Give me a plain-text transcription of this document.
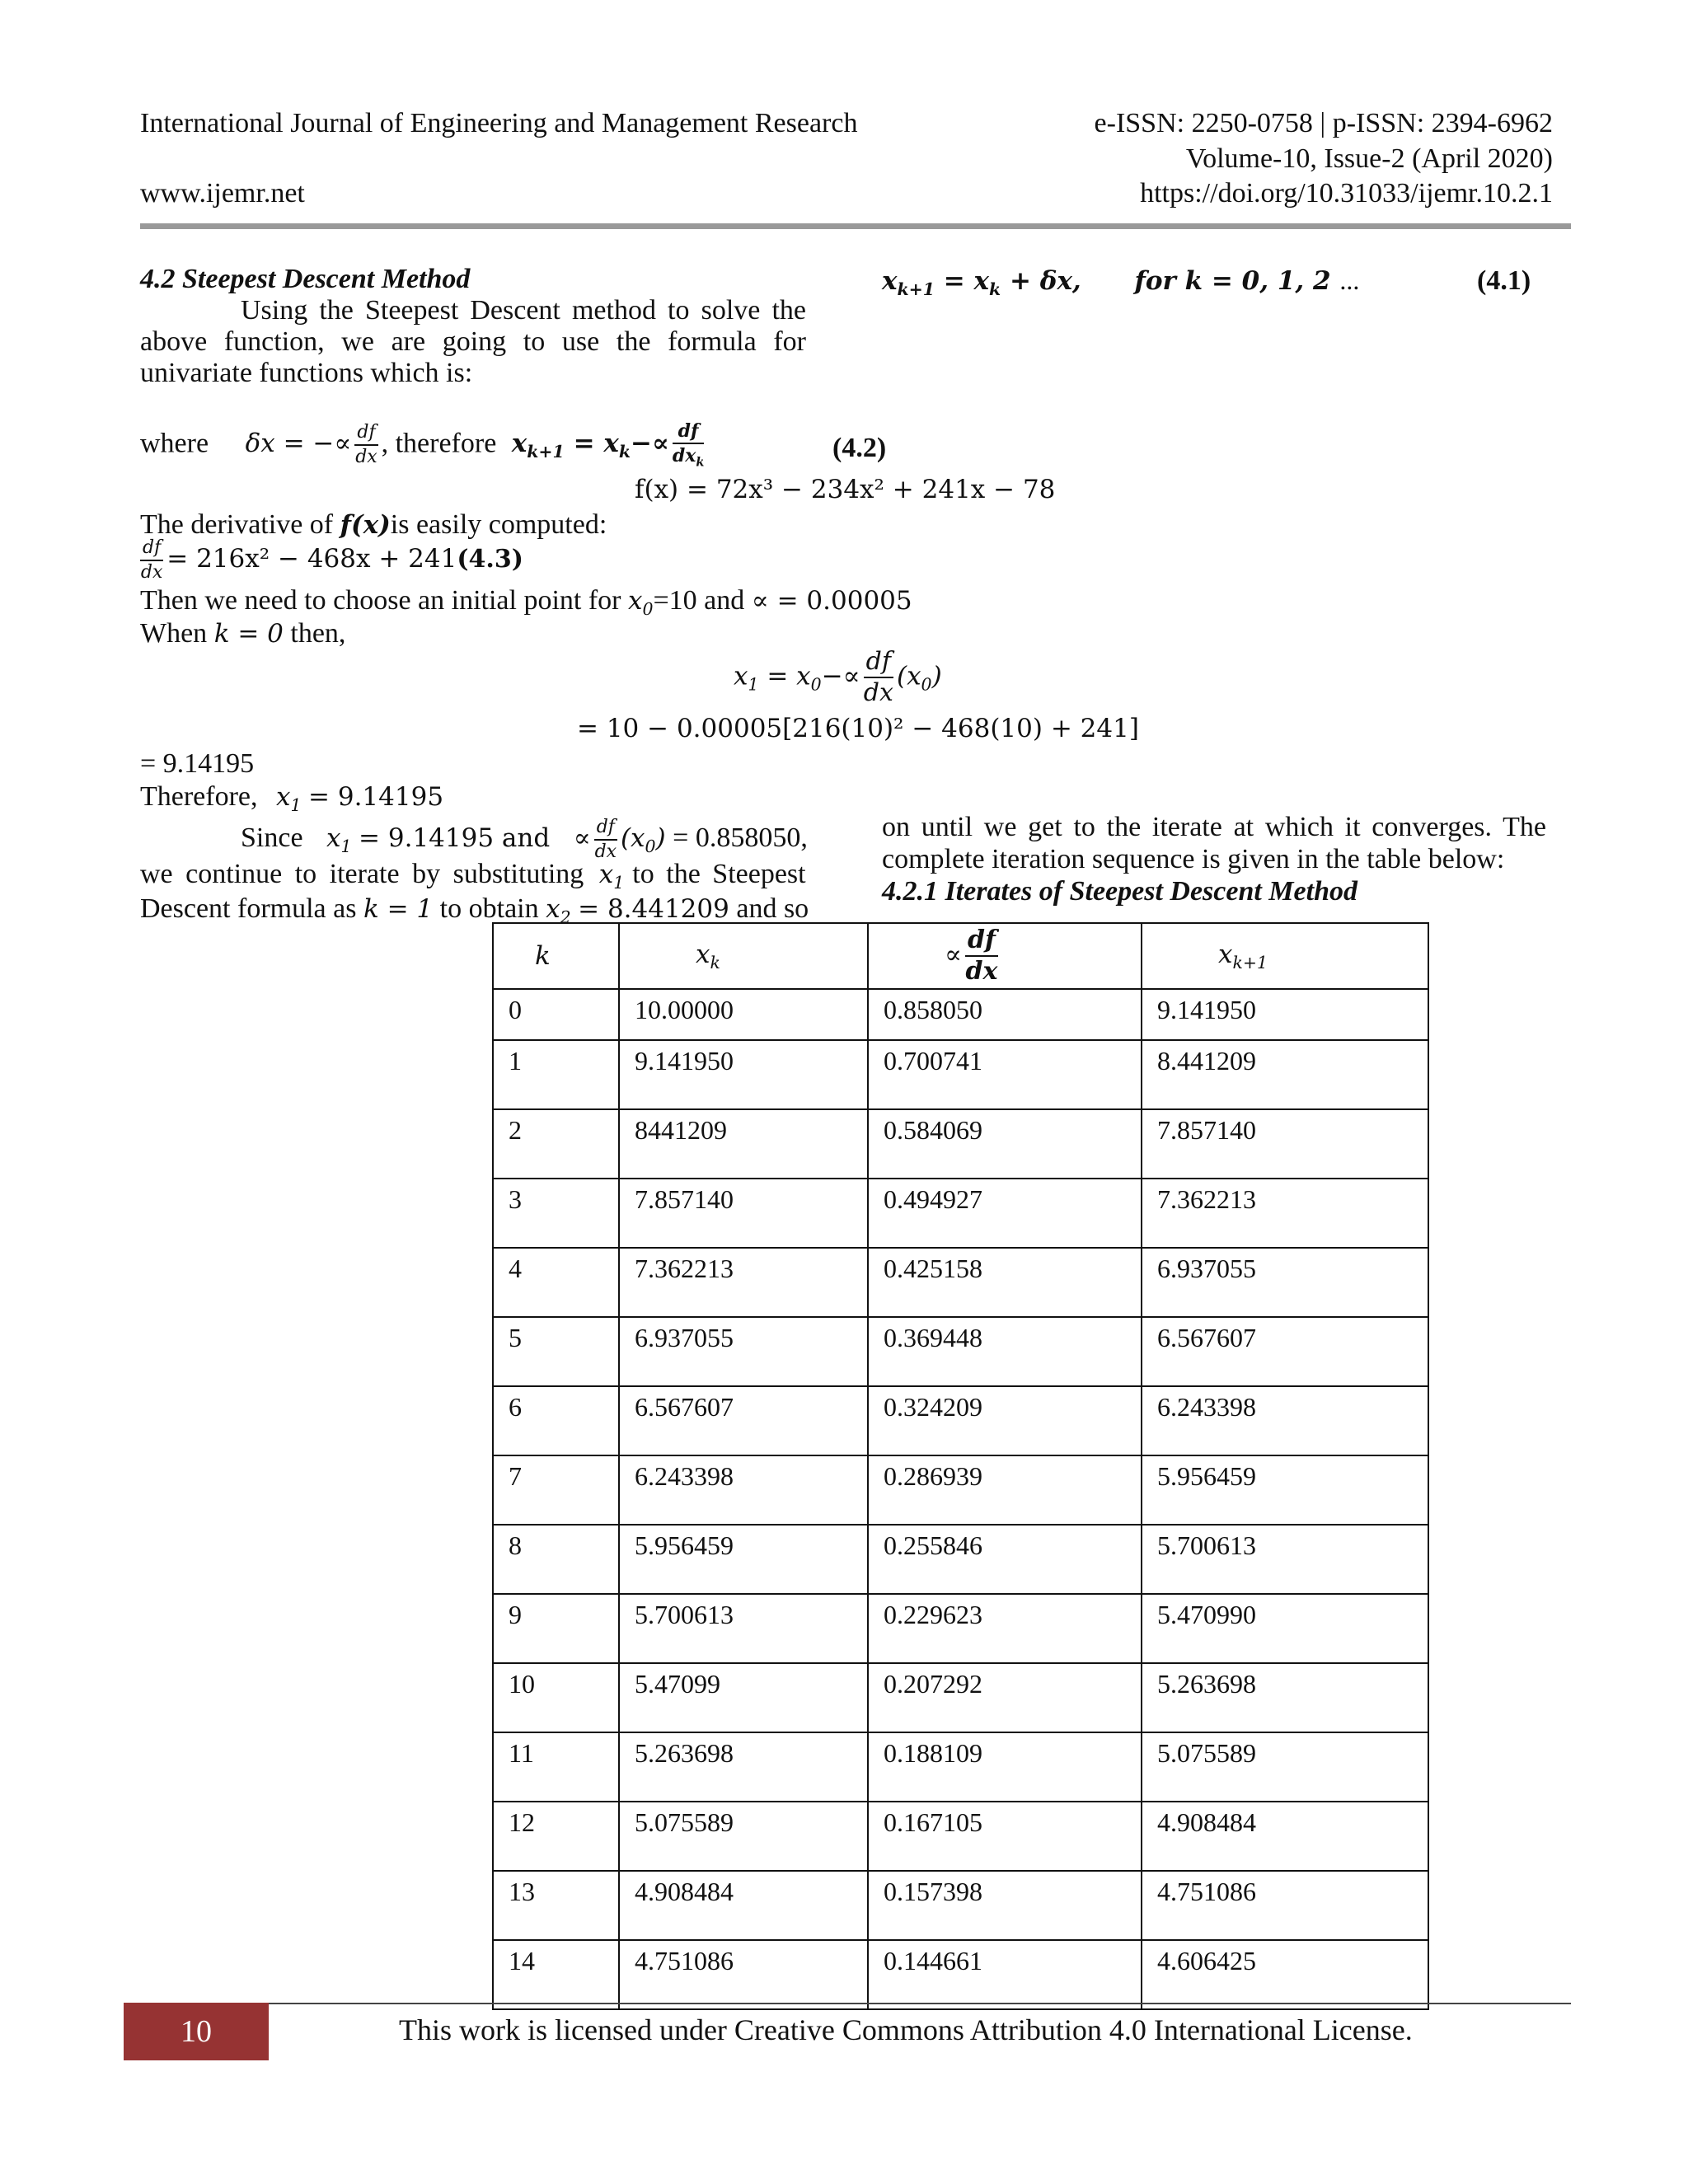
International Journal of Engineering and Management Research	e-ISSN: 2250-0758 | p-ISSN: 2394-6962
Volume-10, Issue-2 (April 2020)
www.ijemr.net	https://doi.org/10.31033/ijemr.10.2.1
4.2 Steepest Descent Method
Using the Steepest Descent method to solve the
above function, we are going to use the formula for
univariate functions which is:
$x_{k+1} = x_k + \delta x$,      for k = 0, 1, 2 ...	(4.1)
where δx = −∝ $\frac{df}{dx}$ , therefore $x_{k+1} = x_k-\propto \frac{df}{dx_k}$	(4.2)
f(x) = 72x³ − 234x² + 241x − 78
The derivative of f(x)is easily computed:
$\frac{df}{dx} = 216x^2 - 468x + 241(4.3)$
Then we need to choose an initial point for $x_0=10$ and ∝ = 0.00005
When k = 0 then,
$x_1 = x_0-\propto \frac{df}{dx} (x_0)$
= 10 − 0.00005[216(10)² − 468(10) + 241]
= 9.14195
Therefore, $x_1 = 9.14195$
Since $x_1 = 9.14195$ and ∝ $\frac{df}{dx} (x_0) = 0.858050$,
we continue to iterate by substituting $x_1$ to the Steepest
Descent formula as k = 1 to obtain $x_2 = 8.441209$ and so
on until we get to the iterate at which it converges. The
complete iteration sequence is given in the table below:
4.2.1 Iterates of Steepest Descent Method
k	$x_k$	∝ $\frac{df}{dx}$	$x_{k+1}$
0	10.00000	0.858050	9.141950
1	9.141950	0.700741	8.441209
2	8441209	0.584069	7.857140
3	7.857140	0.494927	7.362213
4	7.362213	0.425158	6.937055
5	6.937055	0.369448	6.567607
6	6.567607	0.324209	6.243398
7	6.243398	0.286939	5.956459
8	5.956459	0.255846	5.700613
9	5.700613	0.229623	5.470990
10	5.47099	0.207292	5.263698
11	5.263698	0.188109	5.075589
12	5.075589	0.167105	4.908484
13	4.908484	0.157398	4.751086
14	4.751086	0.144661	4.606425
10	This work is licensed under Creative Commons Attribution 4.0 International License.
